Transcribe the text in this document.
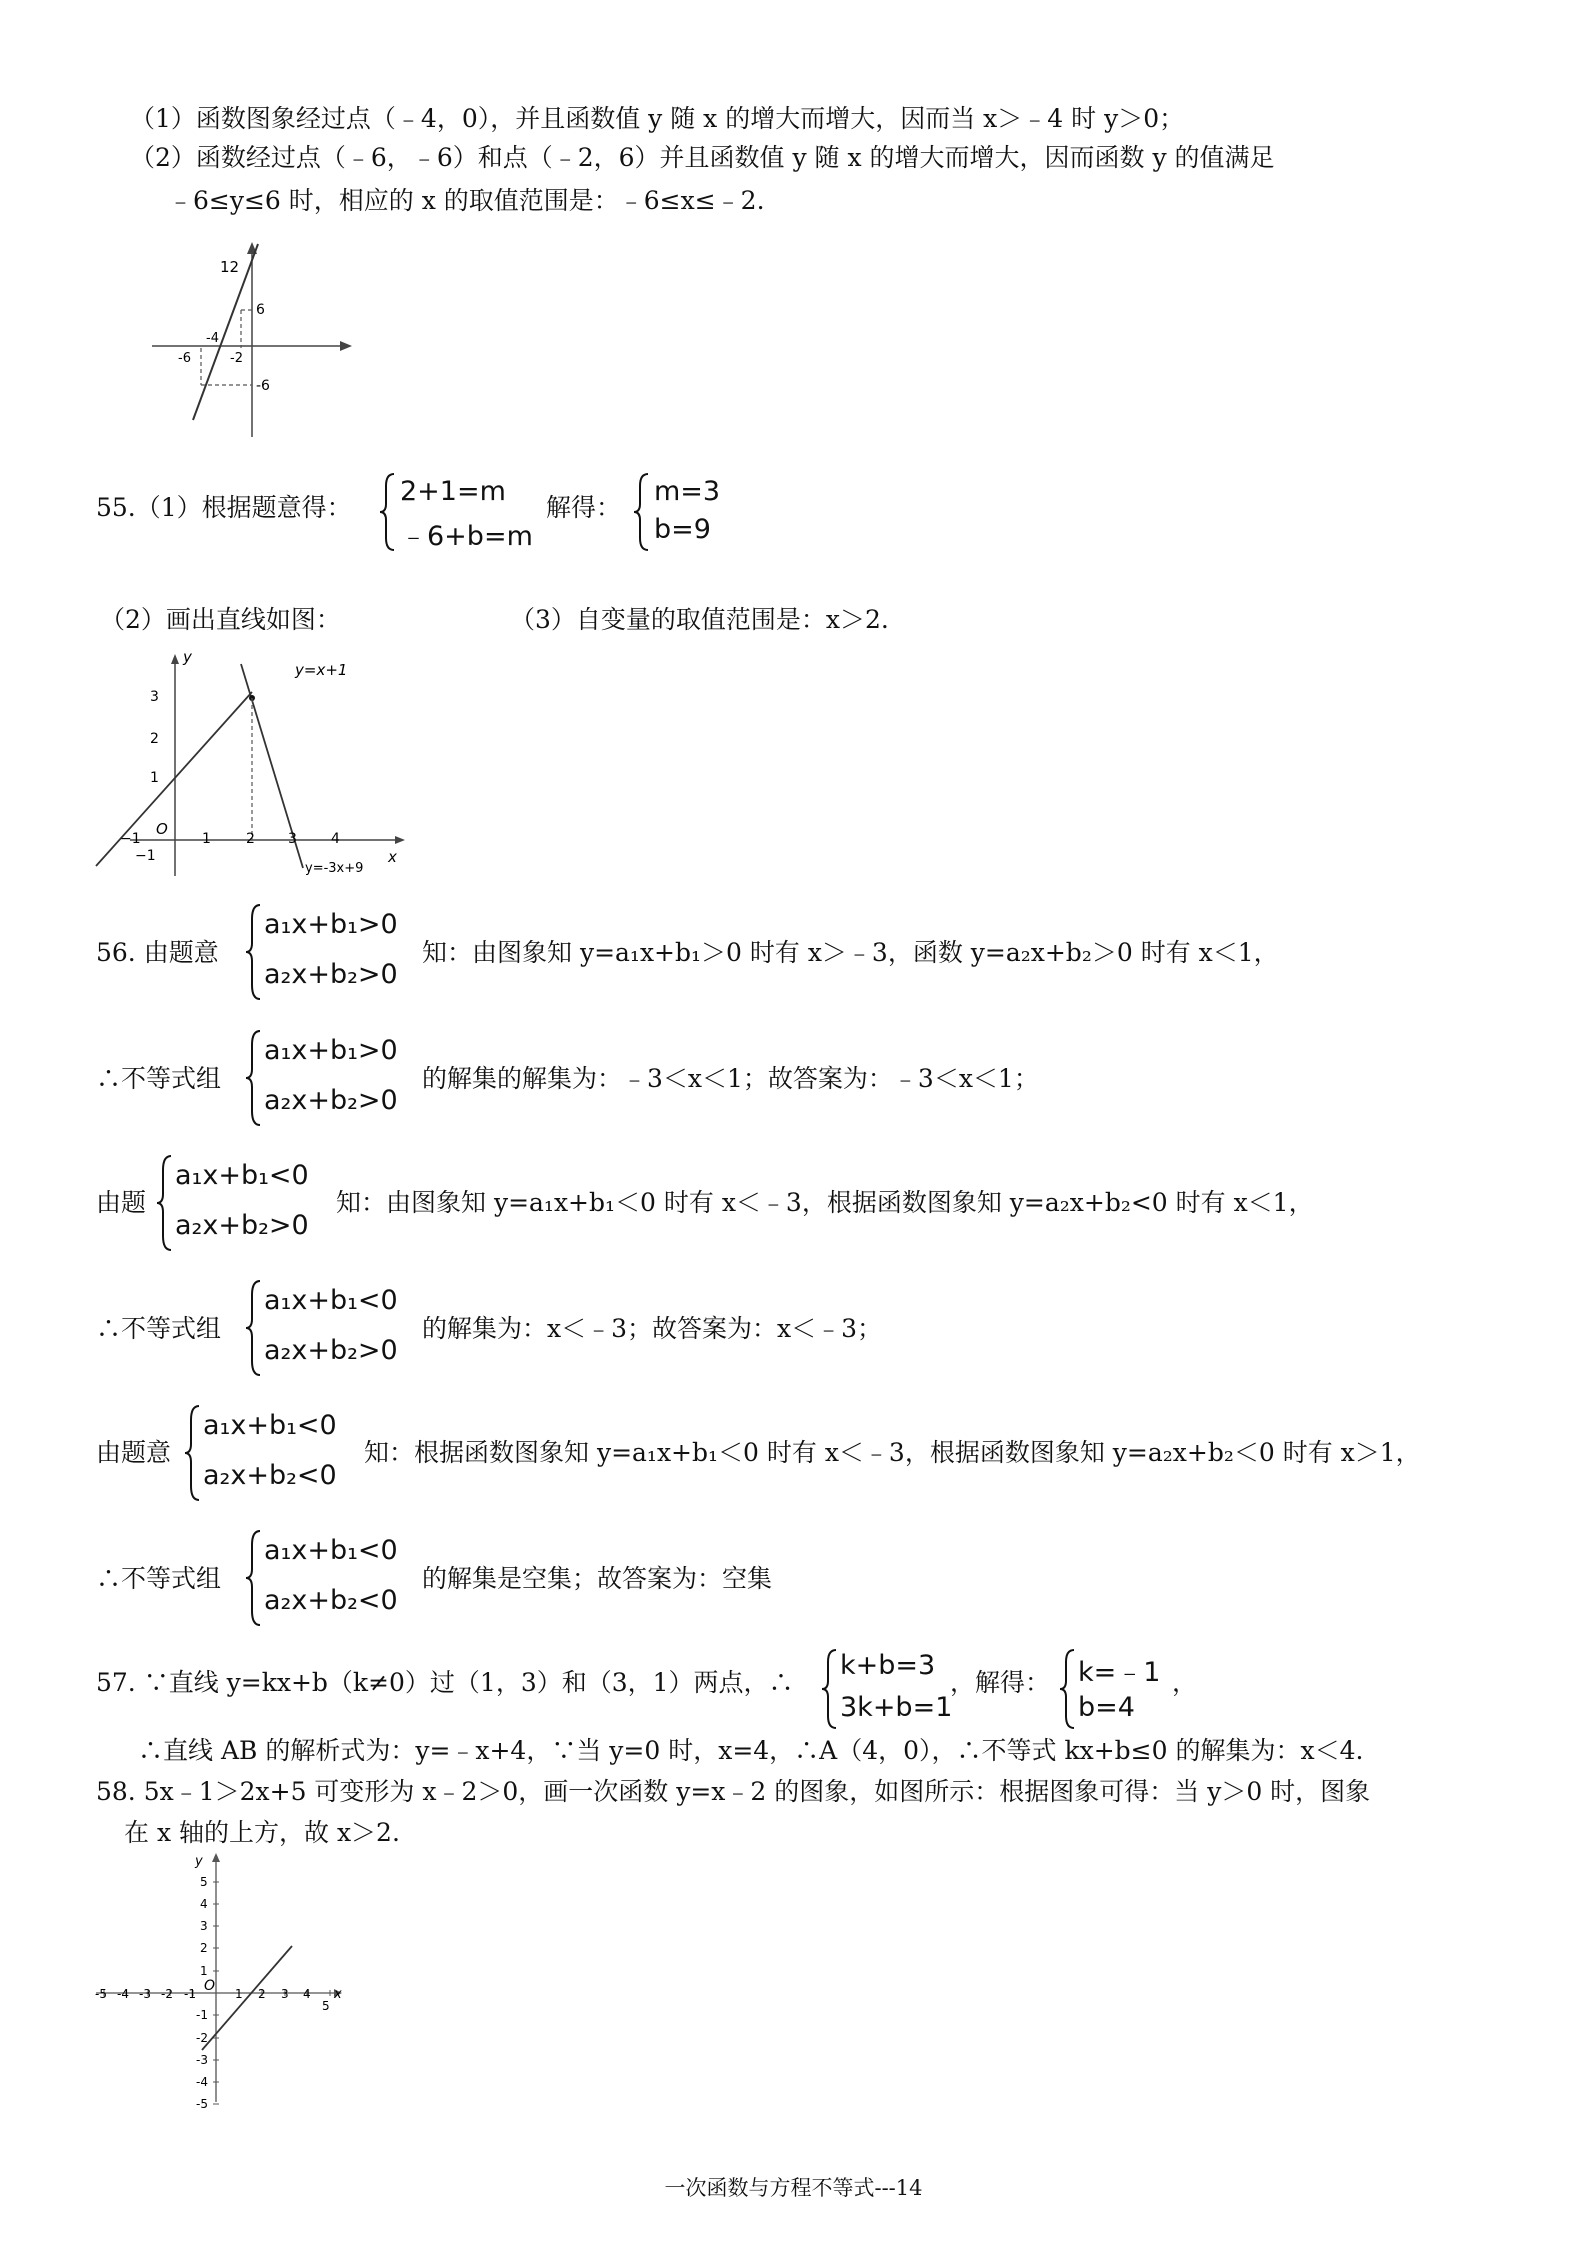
（1）函数图象经过点（﹣4，0），并且函数值 y 随 x 的增大而增大，因而当 x＞﹣4 时 y＞0；
（2）函数经过点（﹣6，﹣6）和点（﹣2，6）并且函数值 y 随 x 的增大而增大，因而函数 y 的值满足
﹣6≤y≤6 时，相应的 x 的取值范围是：﹣6≤x≤﹣2.
12
6
-4
-2
-6
-6
55.（1）根据题意得：
2+1=m
﹣6+b=m
解得：
m=3
b=9
（2）画出直线如图：	（3）自变量的取值范围是：x＞2.
y
x
O
1	2 3 4
−1
1
2
3
−1
y=x+1
y=-3x+9
56. 由题意
a₁x+b₁>0
a₂x+b₂>0
知：由图象知 y=a₁x+b₁＞0 时有 x＞﹣3，函数 y=a₂x+b₂＞0 时有 x＜1，
∴不等式组
a₁x+b₁>0
a₂x+b₂>0
的解集的解集为：﹣3＜x＜1；故答案为：﹣3＜x＜1；
由题
a₁x+b₁<0
a₂x+b₂>0
知：由图象知 y=a₁x+b₁＜0 时有 x＜﹣3，根据函数图象知 y=a₂x+b₂<0 时有 x＜1，
∴不等式组
a₁x+b₁<0
a₂x+b₂>0
的解集为：x＜﹣3；故答案为：x＜﹣3；
由题意
a₁x+b₁<0
a₂x+b₂<0
知：根据函数图象知 y=a₁x+b₁＜0 时有 x＜﹣3，根据函数图象知 y=a₂x+b₂＜0 时有 x＞1，
∴不等式组
a₁x+b₁<0
a₂x+b₂<0
的解集是空集；故答案为：空集
57. ∵直线 y=kx+b（k≠0）过（1，3）和（3，1）两点，∴
k+b=3
3k+b=1
，解得： k=﹣1
b=4
，
∴直线 AB 的解析式为：y=﹣x+4，∵当 y=0 时，x=4，∴A（4，0），∴不等式 kx+b≤0 的解集为：x＜4.
58. 5x﹣1＞2x+5 可变形为 x﹣2＞0，画一次函数 y=x﹣2 的图象，如图所示：根据图象可得：当 y＞0 时，图象
在 x 轴的上方，故 x＞2.
y
x
O
-5 -4 -3 -2 -1	1 2 3 4
5
5
4
3
2
1
-1
-2
-3
-4
-5
一次函数与方程不等式---14
